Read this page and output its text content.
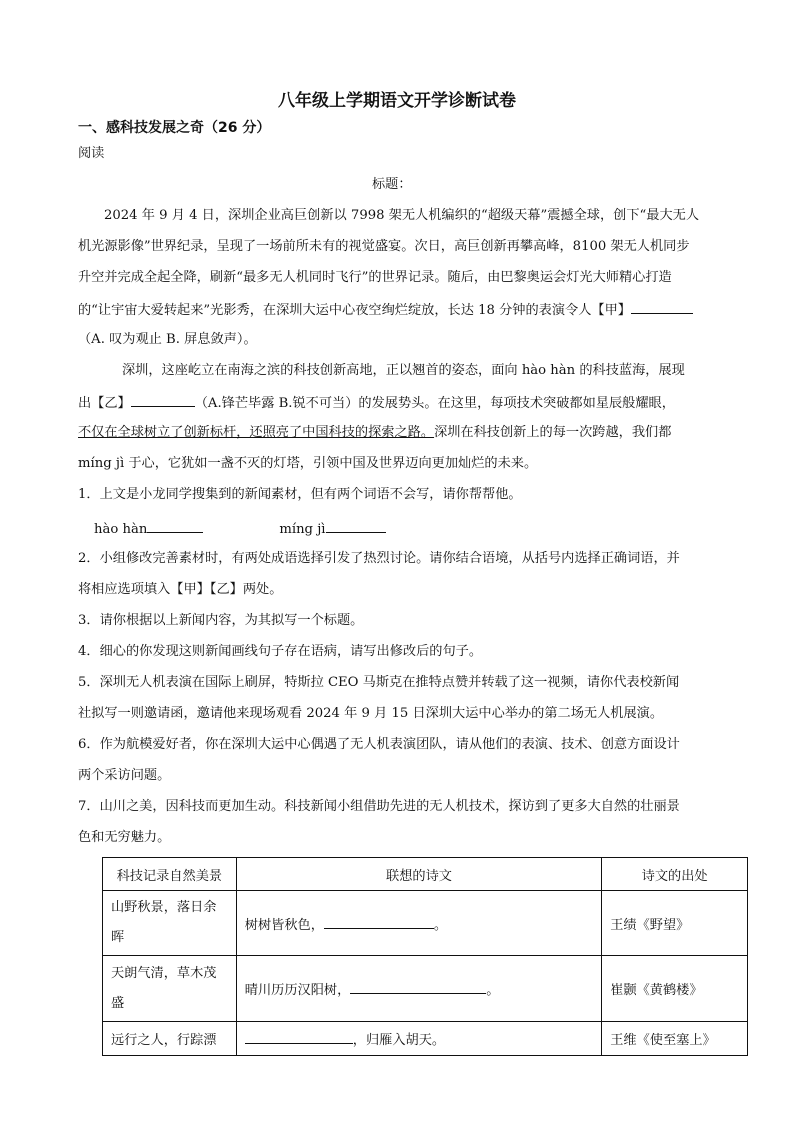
八年级上学期语文开学诊断试卷
一、感科技发展之奇（26 分）
阅读
标题：
2024 年 9 月 4 日，深圳企业高巨创新以 7998 架无人机编织的“超级天幕”震撼全球，创下“最大无人
机光源影像”世界纪录，呈现了一场前所未有的视觉盛宴。次日，高巨创新再攀高峰，8100 架无人机同步
升空并完成全起全降，刷新“最多无人机同时飞行”的世界记录。随后，由巴黎奥运会灯光大师精心打造
的“让宇宙大爱转起来”光影秀，在深圳大运中心夜空绚烂绽放，长达 18 分钟的表演令人【甲】
（A. 叹为观止 B. 屏息敛声）。
深圳，这座屹立在南海之滨的科技创新高地，正以翘首的姿态，面向 hào hàn 的科技蓝海，展现
出【乙】	（A.锋芒毕露 B.锐不可当）的发展势头。在这里，每项技术突破都如星辰般耀眼，
不仅在全球树立了创新标杆，还照亮了中国科技的探索之路。深圳在科技创新上的每一次跨越，我们都
míng jì 于心，它犹如一盏不灭的灯塔，引领中国及世界迈向更加灿烂的未来。
1．上文是小龙同学搜集到的新闻素材，但有两个词语不会写，请你帮帮他。
hào hàn	míng jì
2．小组修改完善素材时，有两处成语选择引发了热烈讨论。请你结合语境，从括号内选择正确词语，并
将相应选项填入【甲】【乙】两处。
3．请你根据以上新闻内容，为其拟写一个标题。
4．细心的你发现这则新闻画线句子存在语病，请写出修改后的句子。
5．深圳无人机表演在国际上刷屏，特斯拉 CEO 马斯克在推特点赞并转载了这一视频，请你代表校新闻
社拟写一则邀请函，邀请他来现场观看 2024 年 9 月 15 日深圳大运中心举办的第二场无人机展演。
6．作为航模爱好者，你在深圳大运中心偶遇了无人机表演团队，请从他们的表演、技术、创意方面设计
两个采访问题。
7．山川之美，因科技而更加生动。科技新闻小组借助先进的无人机技术，探访到了更多大自然的壮丽景
色和无穷魅力。
科技记录自然美景	联想的诗文	诗文的出处

山野秋景，落日余
晖	树树皆秋色， 。	王绩《野望》

天朗气清，草木茂
盛	晴川历历汉阳树， 。	崔颢《黄鹤楼》
远行之人，行踪漂	，归雁入胡天。	王维《使至塞上》
